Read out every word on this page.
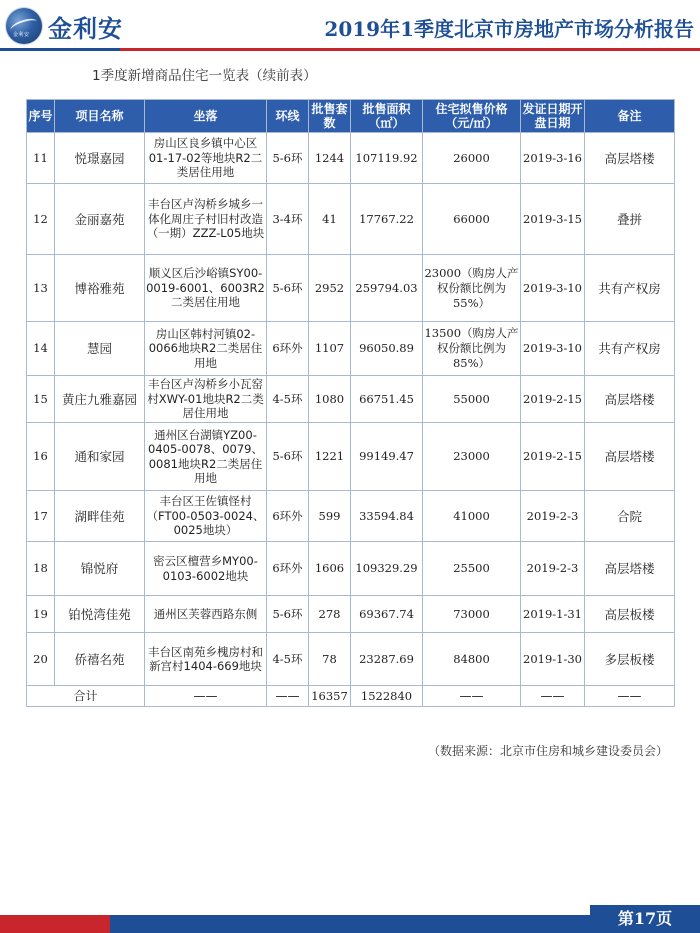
金利安 金利安	2019年1季度北京市房地产市场分析报告
1季度新增商品住宅一览表（续前表）
序号	项目名称	坐落	环线	批售套数	批售面积（㎡）	住宅拟售价格（元/㎡）	发证日期开盘日期	备注
11	悦璟嘉园	房山区良乡镇中心区01-17-02等地块R2二类居住用地	5-6环	1244	107119.92	26000	2019-3-16	高层塔楼
12	金丽嘉苑	丰台区卢沟桥乡城乡一体化周庄子村旧村改造（一期）ZZZ-L05地块	3-4环	41	17767.22	66000	2019-3-15	叠拼
13	博裕雅苑	顺义区后沙峪镇SY00-0019-6001、6003R2二类居住用地	5-6环	2952	259794.03	23000（购房人产权份额比例为55%）	2019-3-10	共有产权房
14	慧园	房山区韩村河镇02-0066地块R2二类居住用地	6环外	1107	96050.89	13500（购房人产权份额比例为85%）	2019-3-10	共有产权房
15	黄庄九雅嘉园	丰台区卢沟桥乡小瓦窑村XWY-01地块R2二类居住用地	4-5环	1080	66751.45	55000	2019-2-15	高层塔楼
16	通和家园	通州区台湖镇YZ00-0405-0078、0079、0081地块R2二类居住用地	5-6环	1221	99149.47	23000	2019-2-15	高层塔楼
17	湖畔佳苑	丰台区王佐镇怪村（FT00-0503-0024、0025地块）	6环外	599	33594.84	41000	2019-2-3	合院
18	锦悦府	密云区檀营乡MY00-0103-6002地块	6环外	1606	109329.29	25500	2019-2-3	高层塔楼
19	铂悦湾佳苑	通州区芙蓉西路东侧	5-6环	278	69367.74	73000	2019-1-31	高层板楼
20	侨禧名苑	丰台区南苑乡槐房村和新宫村1404-669地块	4-5环	78	23287.69	84800	2019-1-30	多层板楼
合计		——	——	16357	1522840	——	——	——
（数据来源：北京市住房和城乡建设委员会）
第17页
